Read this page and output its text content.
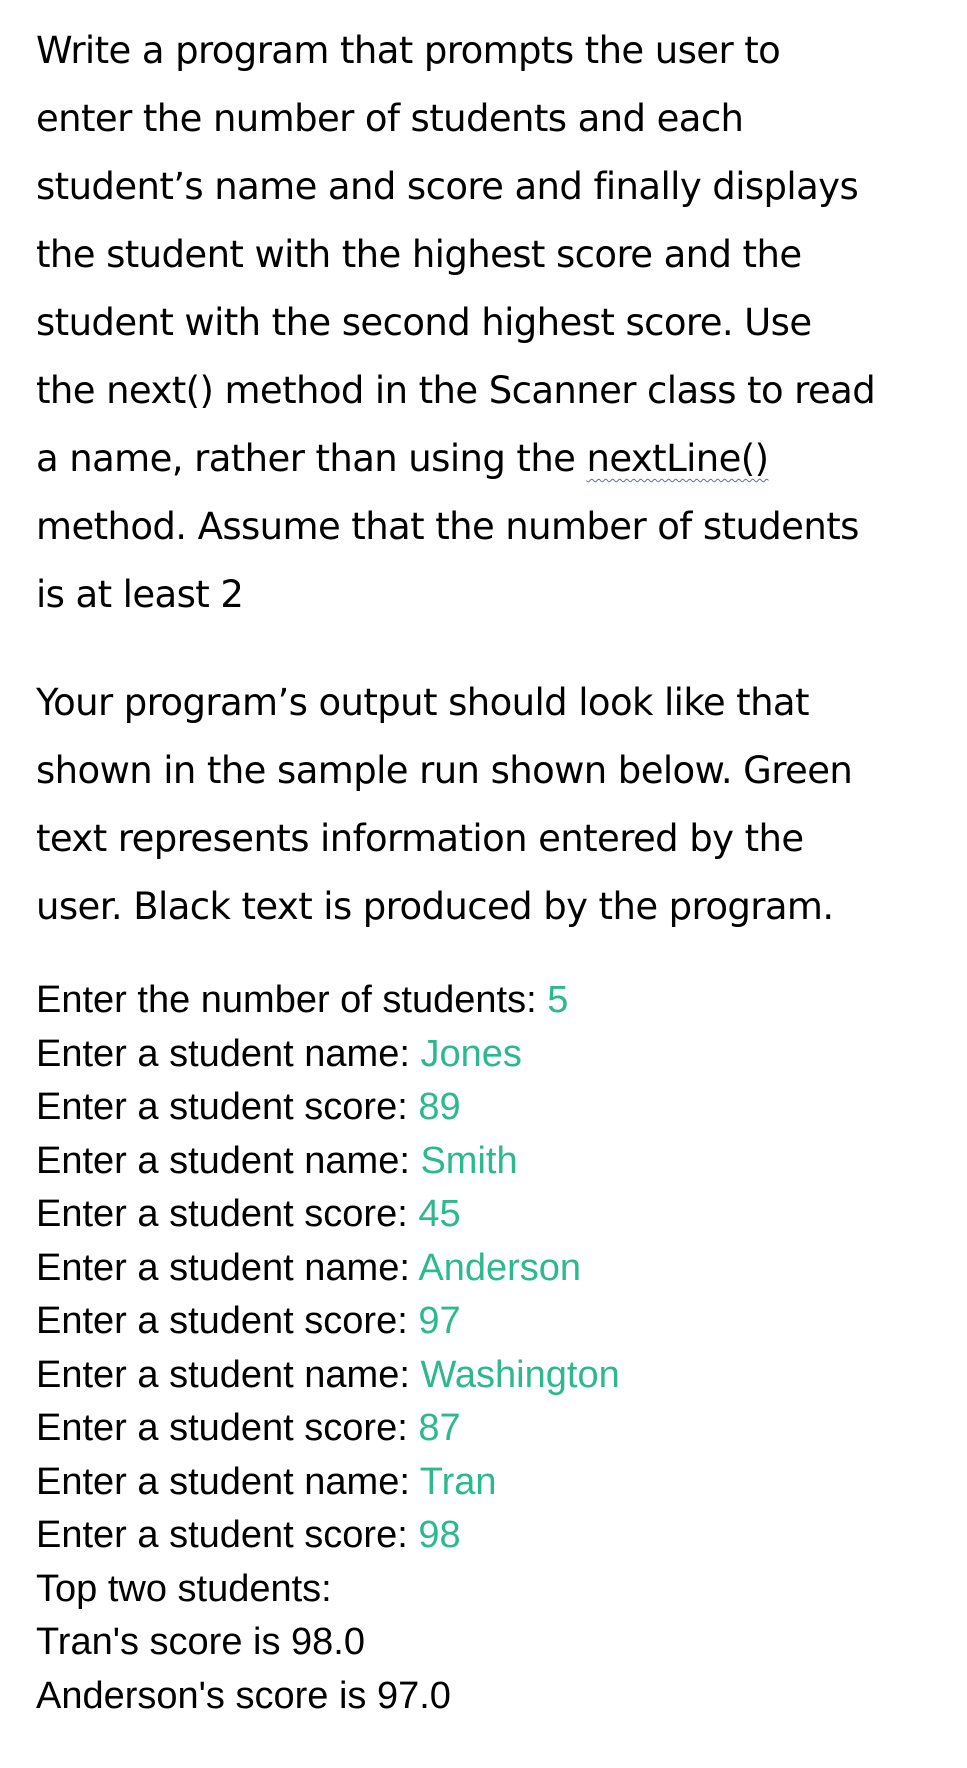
Write a program that prompts the user to
enter the number of students and each
student’s name and score and finally displays
the student with the highest score and the
student with the second highest score. Use
the next() method in the Scanner class to read
a name, rather than using the nextLine()
method. Assume that the number of students
is at least 2
Your program’s output should look like that
shown in the sample run shown below. Green
text represents information entered by the
user. Black text is produced by the program.
Enter the number of students: 5
Enter a student name: Jones
Enter a student score: 89
Enter a student name: Smith
Enter a student score: 45
Enter a student name: Anderson
Enter a student score: 97
Enter a student name: Washington
Enter a student score: 87
Enter a student name: Tran
Enter a student score: 98
Top two students:
Tran's score is 98.0
Anderson's score is 97.0
